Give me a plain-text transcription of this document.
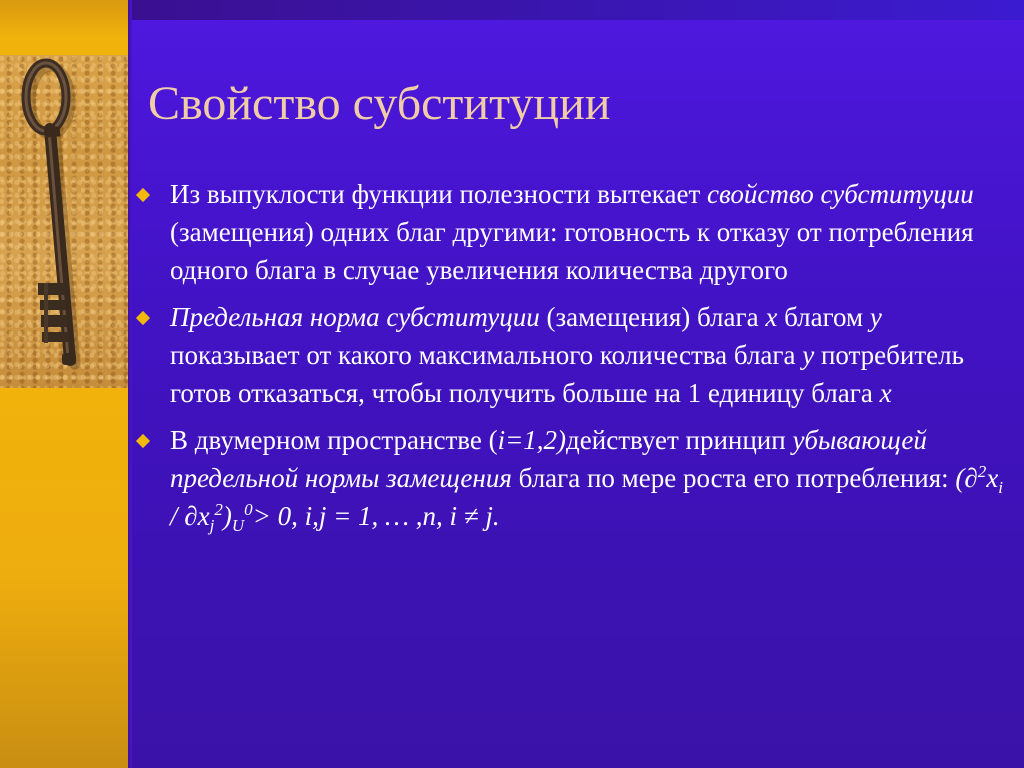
Свойство субституции
Из выпуклости функции полезности вытекает свойство субституции (замещения) одних благ другими: готовность к отказу от потребления одного блага в случае увеличения количества другого
Предельная норма субституции (замещения) блага х благом у показывает от какого максимального количества блага у потребитель готов отказаться, чтобы получить больше на 1 единицу блага х
В двумерном пространстве (i=1,2)действует принцип убывающей предельной нормы замещения блага по мере роста его потребления: $(\partial^2x_i / \partial x_j^2)_U^0> 0$, i,j = 1, … ,n, i ≠ j.
